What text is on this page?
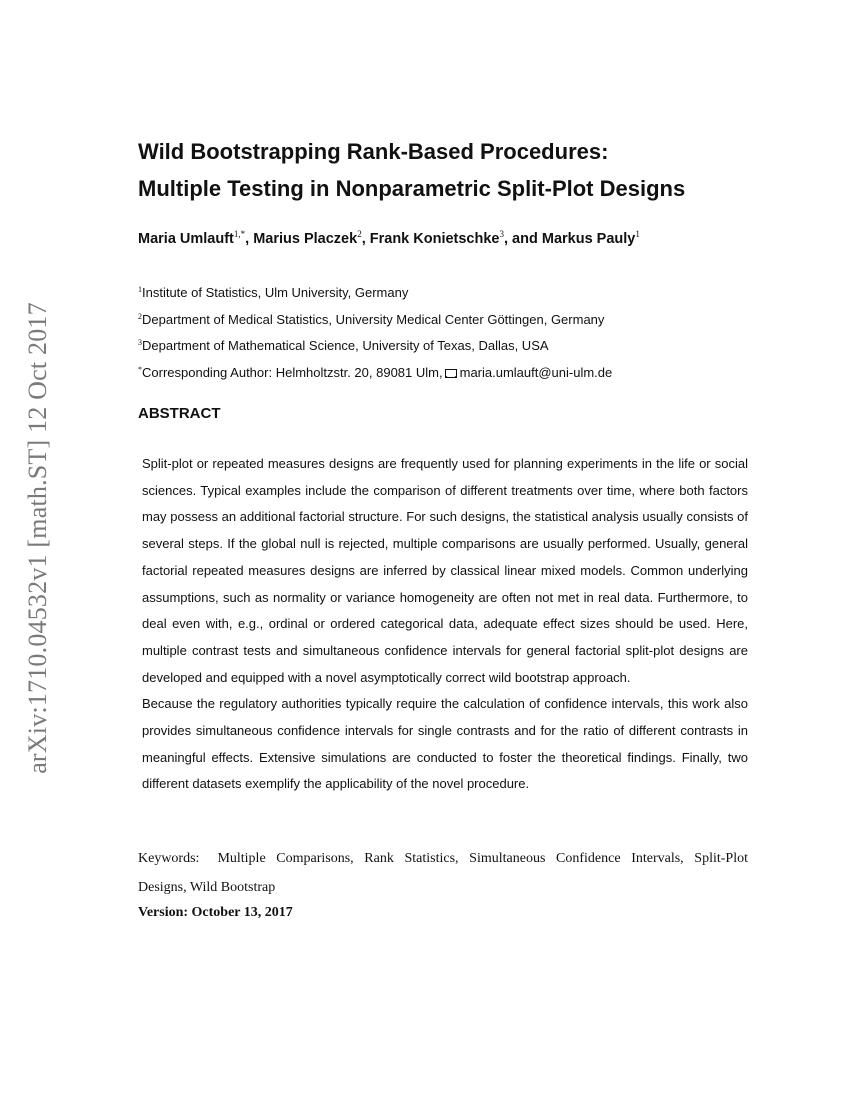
arXiv:1710.04532v1 [math.ST] 12 Oct 2017
Wild Bootstrapping Rank-Based Procedures:
Multiple Testing in Nonparametric Split-Plot Designs
Maria Umlauft$^{1,*}$, Marius Placzek$^2$, Frank Konietschke$^3$, and Markus Pauly$^1$
$^1$Institute of Statistics, Ulm University, Germany
$^2$Department of Medical Statistics, University Medical Center Göttingen, Germany
$^3$Department of Mathematical Science, University of Texas, Dallas, USA
*Corresponding Author: Helmholtzstr. 20, 89081 Ulm, maria.umlauft@uni-ulm.de
ABSTRACT

Split-plot or repeated measures designs are frequently used for planning experiments in the life or social sciences. Typical examples include the comparison of different treatments over time, where both factors may possess an additional factorial structure. For such designs, the statistical analysis usually consists of several steps. If the global null is rejected, multiple comparisons are usually performed. Usually, general factorial repeated measures designs are inferred by classical linear mixed models. Common underlying assumptions, such as normality or variance homogeneity are often not met in real data. Furthermore, to deal even with, e.g., ordinal or ordered categorical data, adequate effect sizes should be used. Here, multiple contrast tests and simultaneous confidence intervals for general factorial split-plot designs are developed and equipped with a novel asymptotically correct wild bootstrap approach.

Because the regulatory authorities typically require the calculation of confidence intervals, this work also provides simultaneous confidence intervals for single contrasts and for the ratio of different contrasts in meaningful effects. Extensive simulations are conducted to foster the theoretical findings. Finally, two different datasets exemplify the applicability of the novel procedure.

Keywords: Multiple Comparisons, Rank Statistics, Simultaneous Confidence Intervals, Split-Plot Designs, Wild Bootstrap
Version: October 13, 2017
